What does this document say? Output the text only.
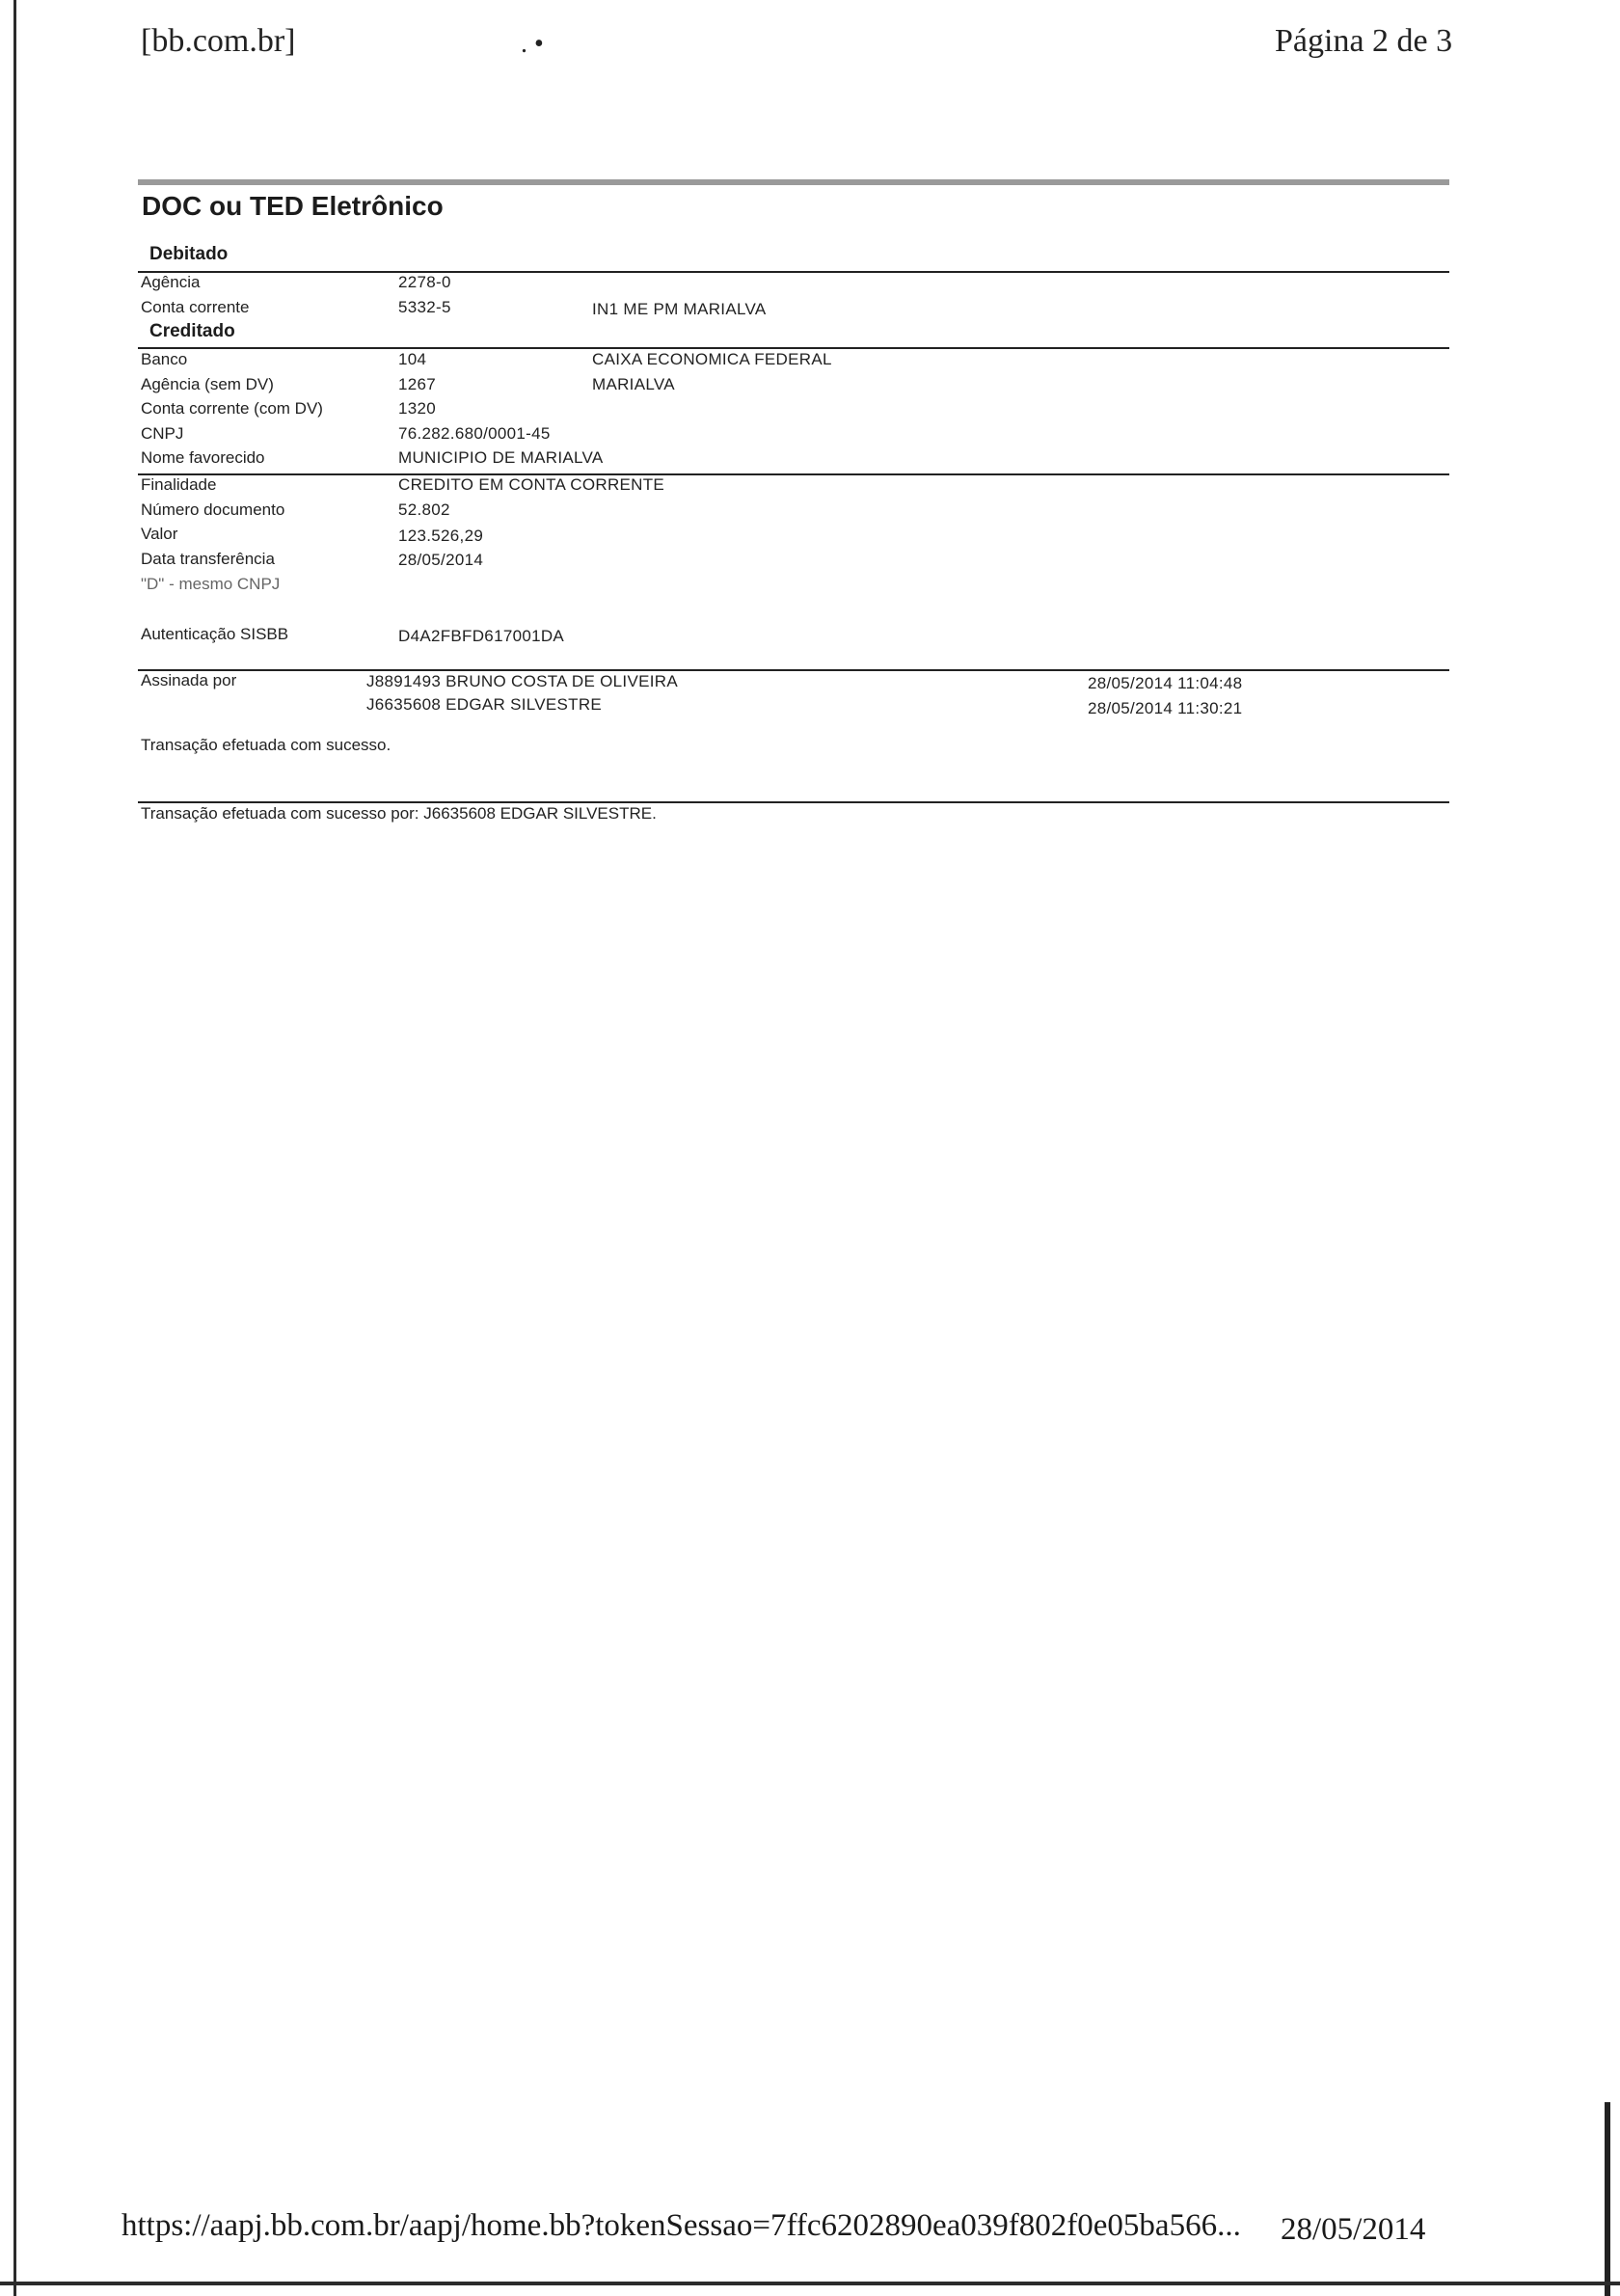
[bb.com.br]	. •	Página 2 de 3
DOC ou TED Eletrônico
Debitado
Agência	2278-0
Conta corrente	5332-5	IN1 ME PM MARIALVA
Creditado
Banco	104	CAIXA ECONOMICA FEDERAL
Agência (sem DV)	1267	MARIALVA
Conta corrente (com DV)	1320
CNPJ	76.282.680/0001-45
Nome favorecido	MUNICIPIO DE MARIALVA
Finalidade	CREDITO EM CONTA CORRENTE
Número documento	52.802
Valor	123.526,29
Data transferência	28/05/2014
"D" - mesmo CNPJ
Autenticação SISBB	D4A2FBFD617001DA
Assinada por	J8891493 BRUNO COSTA DE OLIVEIRA	28/05/2014 11:04:48
J6635608 EDGAR SILVESTRE	28/05/2014 11:30:21
Transação efetuada com sucesso.
Transação efetuada com sucesso por: J6635608 EDGAR SILVESTRE.
https://aapj.bb.com.br/aapj/home.bb?tokenSessao=7ffc6202890ea039f802f0e05ba566... 28/05/2014
